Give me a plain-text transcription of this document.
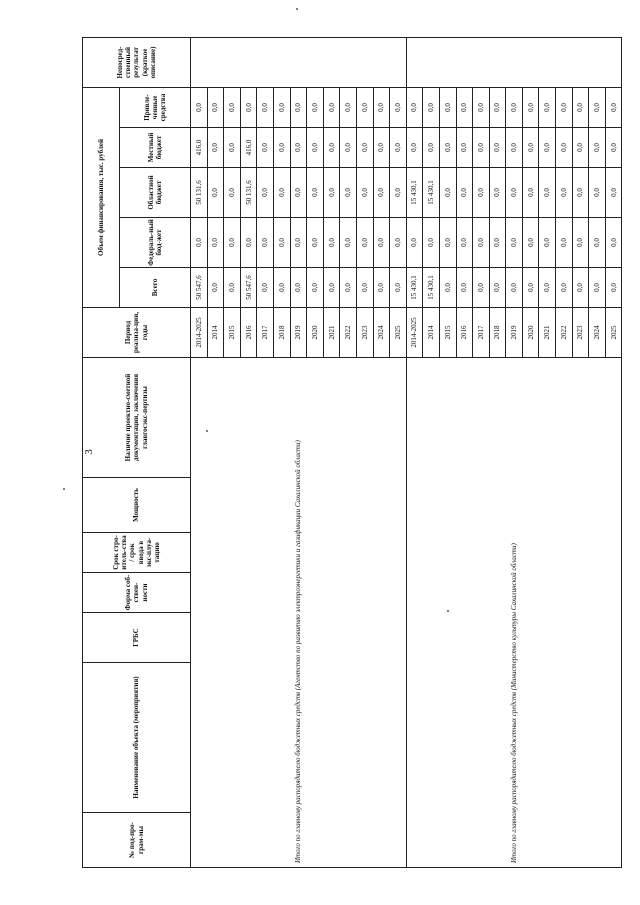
3
№ под-про-грам-мы	Наименование объекта (мероприятия)	ГРБС	Форма соб-ствен-ности	Срок стро-итель-ства / срок ввода в экс-плуа-тацию	Мощность	Наличие проектно-сметной документации, заключения главгосэкс-пертизы	Период реализа-ции, годы	Объем финансирования, тыс. рублей					Непосред-ственный результат (краткое описание)
								Всего	Федераль-ный бюд-жет	Областной бюджет	Местный бюджет	Привле-ченные средства	
Итого по главному распорядителю бюджетных средств (Агентство по развитию электроэнергетики и газификации Сахалинской области)							2014-2025	50 547,6	0,0	50 131,6	416,0	0,0	
							2014	0,0	0,0	0,0	0,0	0,0	
							2015	0,0	0,0	0,0	0,0	0,0	
							2016	50 547,6	0,0	50 131,6	416,0	0,0	
							2017	0,0	0,0	0,0	0,0	0,0	
							2018	0,0	0,0	0,0	0,0	0,0	
							2019	0,0	0,0	0,0	0,0	0,0	
							2020	0,0	0,0	0,0	0,0	0,0	
							2021	0,0	0,0	0,0	0,0	0,0	
							2022	0,0	0,0	0,0	0,0	0,0	
							2023	0,0	0,0	0,0	0,0	0,0	
							2024	0,0	0,0	0,0	0,0	0,0	
							2025	0,0	0,0	0,0	0,0	0,0	
Итого по главному распорядителю бюджетных средств (Министерство культуры Сахалинской области)							2014-2025	15 430,1	0,0	15 430,1	0,0	0,0	
							2014	15 430,1	0,0	15 430,1	0,0	0,0	
							2015	0,0	0,0	0,0	0,0	0,0	
							2016	0,0	0,0	0,0	0,0	0,0	
							2017	0,0	0,0	0,0	0,0	0,0	
							2018	0,0	0,0	0,0	0,0	0,0	
							2019	0,0	0,0	0,0	0,0	0,0	
							2020	0,0	0,0	0,0	0,0	0,0	
							2021	0,0	0,0	0,0	0,0	0,0	
							2022	0,0	0,0	0,0	0,0	0,0	
							2023	0,0	0,0	0,0	0,0	0,0	
							2024	0,0	0,0	0,0	0,0	0,0	
							2025	0,0	0,0	0,0	0,0	0,0	
